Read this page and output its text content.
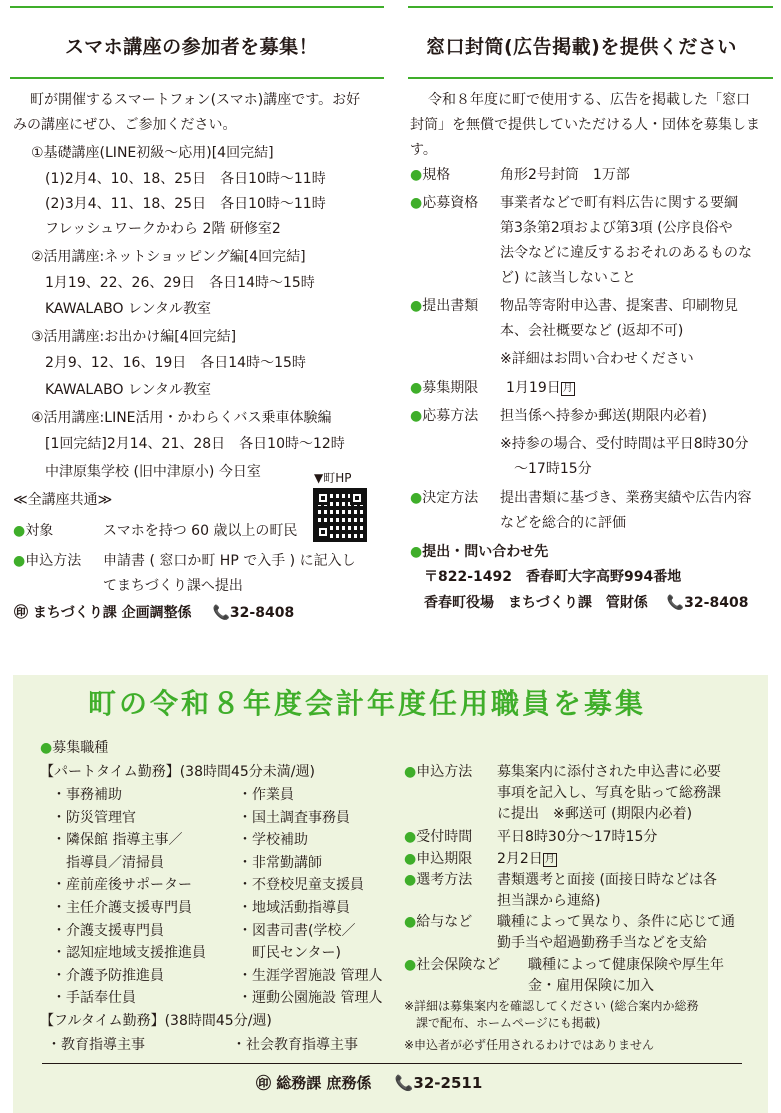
スマホ講座の参加者を募集！
町が開催するスマートフォン(スマホ)講座です。お好
みの講座にぜひ、ご参加ください。
①基礎講座(LINE初級～応用)[4回完結]
(1)2月4、10、18、25日　各日10時～11時
(2)3月4、11、18、25日　各日10時～11時
フレッシュワークかわら 2階 研修室2
②活用講座:ネットショッピング編[4回完結]
1月19、22、26、29日　各日14時～15時
KAWALABO レンタル教室
③活用講座:お出かけ編[4回完結]
2月9、12、16、19日　各日14時～15時
KAWALABO レンタル教室
④活用講座:LINE活用・かわらくバス乗車体験編
[1回完結]2月14、21、28日　各日10時～12時
中津原集学校 (旧中津原小) 今日室	▼町HP
≪全講座共通≫
●対象	スマホを持つ 60 歳以上の町民
●申込方法 申請書 ( 窓口か町 HP で入手 ) に記入し
てまちづくり課へ提出
㊞ まちづくり課 企画調整係 📞32-8408
窓口封筒(広告掲載)を提供ください
令和８年度に町で使用する、広告を掲載した「窓口
封筒」を無償で提供していただける人・団体を募集しま
す。
●規格	角形2号封筒　1万部
●応募資格 事業者などで町有料広告に関する要綱
第3条第2項および第3項 (公序良俗や
法令などに違反するおそれのあるものな
ど) に該当しないこと
●提出書類 物品等寄附申込書、提案書、印刷物見
本、会社概要など (返却不可)
※詳細はお問い合わせください
●募集期限 1月19日 月
●応募方法 担当係へ持参か郵送(期限内必着)
※持参の場合、受付時間は平日8時30分
～17時15分
●決定方法 提出書類に基づき、業務実績や広告内容
などを総合的に評価
●提出・問い合わせ先
〒822-1492　香春町大字高野994番地
香春町役場　まちづくり課　管財係 📞32-8408
町の令和８年度会計年度任用職員を募集
●募集職種
【パートタイム勤務】(38時間45分未満/週)
・事務補助
・防災管理官
・隣保館 指導主事／
　指導員／清掃員
・産前産後サポーター
・主任介護支援専門員
・介護支援専門員
・認知症地域支援推進員
・介護予防推進員
・手話奉仕員
・作業員
・国土調査事務員
・学校補助
・非常勤講師
・不登校児童支援員
・地域活動指導員
・図書司書(学校／
　町民センター)
・生涯学習施設 管理人
・運動公園施設 管理人
【フルタイム勤務】(38時間45分/週)
・教育指導主事	・社会教育指導主事
●申込方法 募集案内に添付された申込書に必要
事項を記入し、写真を貼って総務課
に提出　※郵送可 (期限内必着)
●受付時間 平日8時30分～17時15分
●申込期限 2月2日 月
●選考方法 書類選考と面接 (面接日時などは各
担当課から連絡)
●給与など 職種によって異なり、条件に応じて通
勤手当や超過勤務手当などを支給
●社会保険など 職種によって健康保険や厚生年
金・雇用保険に加入
※詳細は募集案内を確認してください (総合案内か総務
　課で配布、ホームページにも掲載)
※申込者が必ず任用されるわけではありません
㊞ 総務課 庶務係 📞32-2511
